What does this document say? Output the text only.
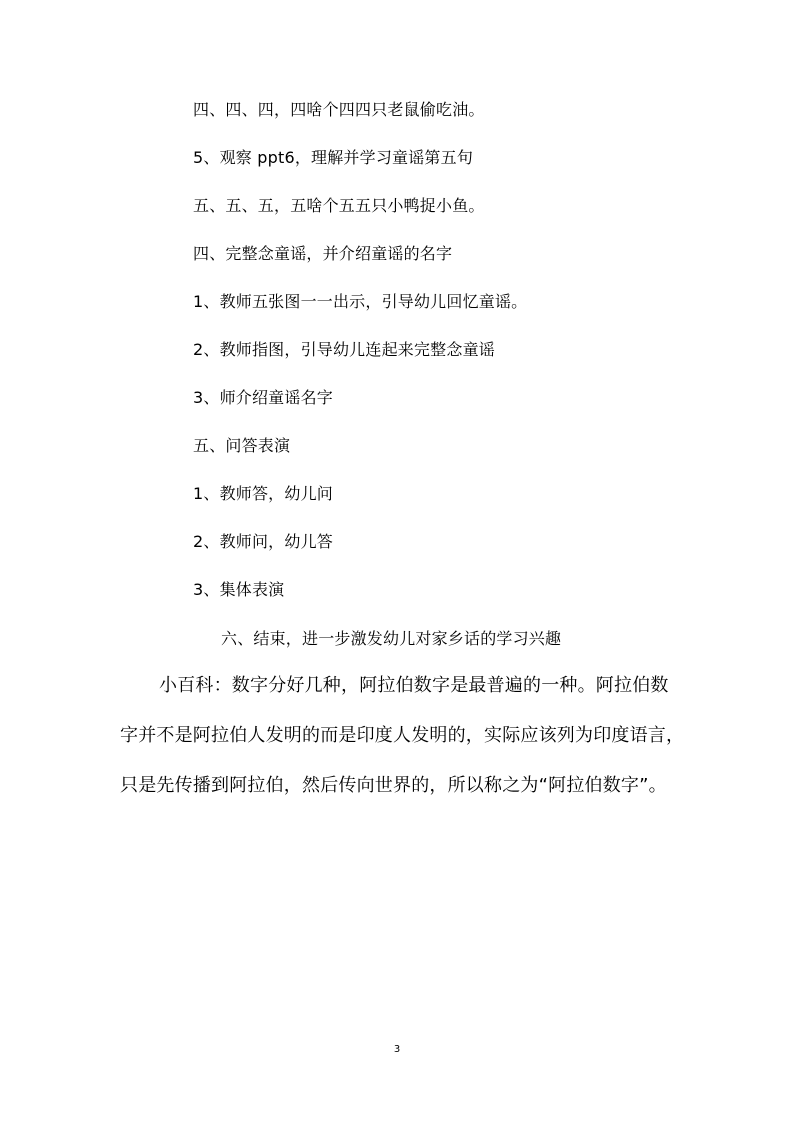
四、四、四，四啥个四四只老鼠偷吃油。
5、观察 ppt6，理解并学习童谣第五句
五、五、五，五啥个五五只小鸭捉小鱼。
四、完整念童谣，并介绍童谣的名字
1、教师五张图一一出示，引导幼儿回忆童谣。
2、教师指图，引导幼儿连起来完整念童谣
3、师介绍童谣名字
五、问答表演
1、教师答，幼儿问
2、教师问，幼儿答
3、集体表演
六、结束，进一步激发幼儿对家乡话的学习兴趣
小百科：数字分好几种，阿拉伯数字是最普遍的一种。阿拉伯数
字并不是阿拉伯人发明的而是印度人发明的，实际应该列为印度语言，
只是先传播到阿拉伯，然后传向世界的，所以称之为“阿拉伯数字”。
3
